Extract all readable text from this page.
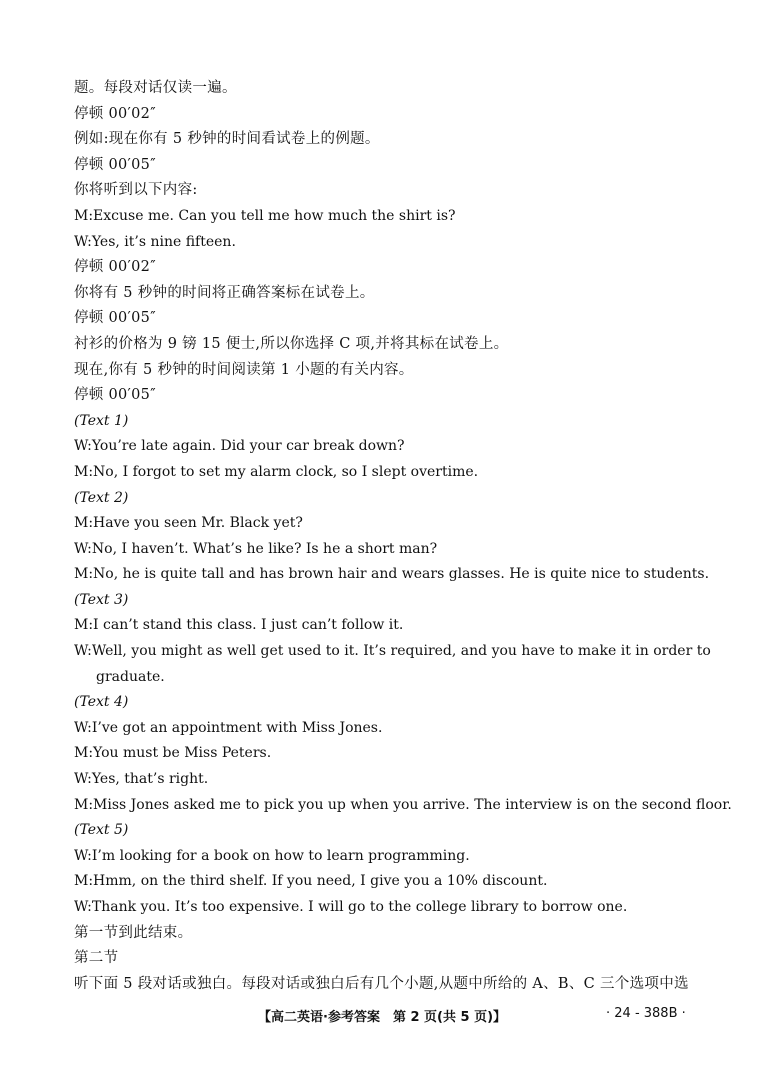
题。每段对话仅读一遍。
停顿 00′02″
例如:现在你有 5 秒钟的时间看试卷上的例题。
停顿 00′05″
你将听到以下内容:
M:Excuse me. Can you tell me how much the shirt is?
W:Yes, it’s nine fifteen.
停顿 00′02″
你将有 5 秒钟的时间将正确答案标在试卷上。
停顿 00′05″
衬衫的价格为 9 镑 15 便士,所以你选择 C 项,并将其标在试卷上。
现在,你有 5 秒钟的时间阅读第 1 小题的有关内容。
停顿 00′05″
(Text 1)
W:You’re late again. Did your car break down?
M:No, I forgot to set my alarm clock, so I slept overtime.
(Text 2)
M:Have you seen Mr. Black yet?
W:No, I haven’t. What’s he like? Is he a short man?
M:No, he is quite tall and has brown hair and wears glasses. He is quite nice to students.
(Text 3)
M:I can’t stand this class. I just can’t follow it.
W:Well, you might as well get used to it. It’s required, and you have to make it in order to
graduate.
(Text 4)
W:I’ve got an appointment with Miss Jones.
M:You must be Miss Peters.
W:Yes, that’s right.
M:Miss Jones asked me to pick you up when you arrive. The interview is on the second floor.
(Text 5)
W:I’m looking for a book on how to learn programming.
M:Hmm, on the third shelf. If you need, I give you a 10% discount.
W:Thank you. It’s too expensive. I will go to the college library to borrow one.
第一节到此结束。
第二节
听下面 5 段对话或独白。每段对话或独白后有几个小题,从题中所给的 A、B、C 三个选项中选
【高二英语·参考答案　第 2 页(共 5 页)】	· 24 - 388B ·
